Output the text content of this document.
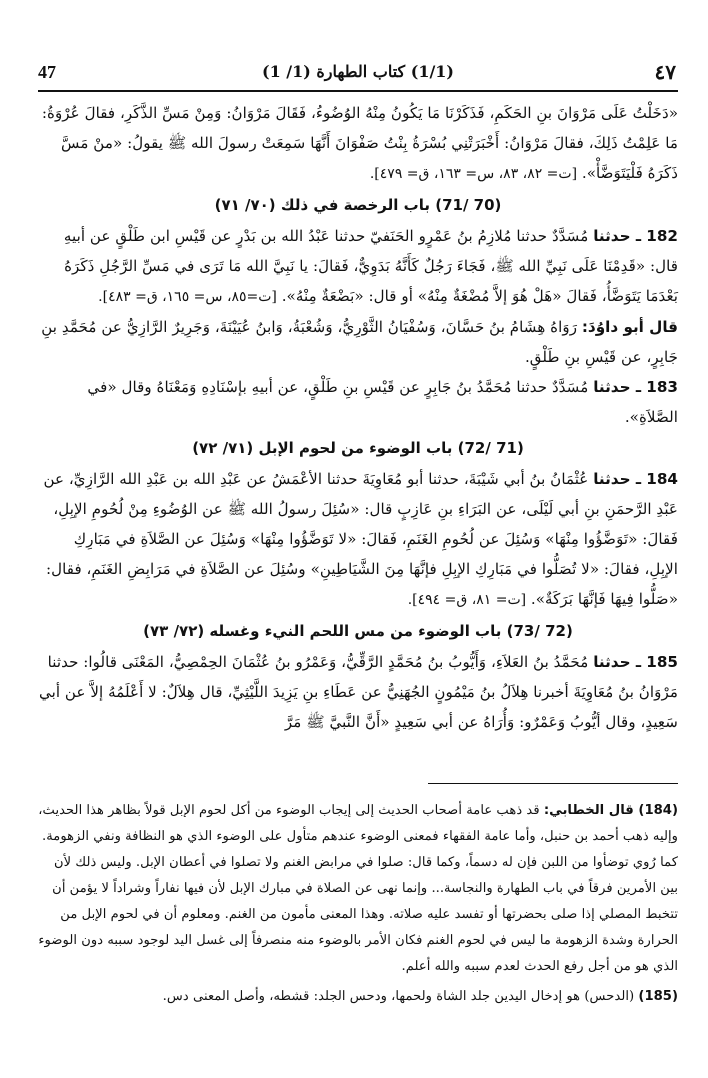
47	(1/1) كتاب الطهارة (1/ 1)	٤٧

«دَخَلْتُ عَلَى مَرْوَانَ بنِ الحَكَمِ، فَذَكَرْنَا مَا يَكُونُ مِنْهُ الوُضُوءُ، فَقَالَ مَرْوَانُ: وَمِنْ مَسِّ الذَّكَرِ، فقالَ عُرْوَةُ: مَا عَلِمْتُ ذَلِكَ، فقالَ مَرْوَانُ: أَخْبَرَتْنِي بُسْرَةُ بِنْتُ صَفْوَانَ أَنَّهَا سَمِعَتْ رسولَ الله ﷺ يقولُ: «منْ مَسَّ ذَكَرَهُ فَلْيَتَوَضَّأْ». [ت= ٨٢، ٨٣، س= ١٦٣، ق= ٤٧٩].

(70 /71) باب الرخصة في ذلك (٧٠/ ٧١)

182 ـ حدثنا مُسَدَّدٌ حدثنا مُلازِمُ بنُ عَمْرٍو الحَنَفيّ حدثنا عَبْدُ الله بن بَدْرٍ عن قَيْسِ ابن طَلْقٍ عن أبيهِ قال: «قَدِمْنَا عَلَى نَبِيِّ الله ﷺ، فَجَاءَ رَجُلٌ كَأَنَّهُ بَدَوِيٌّ، فَقالَ: يا نَبِيَّ الله مَا تَرَى في مَسِّ الرَّجُلِ ذَكَرَهُ بَعْدَمَا يَتَوَضَّأُ، فَقالَ «هَلْ هُوَ إلاَّ مُضْغَةٌ مِنْهُ» أو قال: «بَضْعَةٌ مِنْهُ». [ت=٨٥، س= ١٦٥، ق= ٤٨٣].

قال أبو داوُدَ: رَوَاهُ هِشَامُ بنُ حَسَّانَ، وَسُفْيَانُ الثَّوْرِيُّ، وَشُعْبَةُ، وَابنُ عُيَيْنَةَ، وَجَرِيرٌ الرَّازِيُّ عن مُحَمَّدِ بنِ جَابِرٍ، عن قَيْسِ بنِ طَلْقٍ.

183 ـ حدثنا مُسَدَّدٌ حدثنا مُحَمَّدُ بنُ جَابِرٍ عن قَيْسِ بنِ طَلْقٍ، عن أبيهِ بإسْنَادِهِ وَمَعْنَاهُ وقال «في الصَّلاَةِ».

(71 /72) باب الوضوء من لحوم الإبل (٧١/ ٧٢)

184 ـ حدثنا عُثْمَانُ بنُ أبي شَيْبَةَ، حدثنا أبو مُعَاوِيَةَ حدثنا الأعْمَشُ عن عَبْدِ الله بن عَبْدِ الله الرَّازِيِّ، عن عَبْدِ الرَّحمَنِ بنِ أبي لَيْلَى، عن البَرَاءِ بنِ عَازِبٍ قال: «سُئِلَ رسولُ الله ﷺ عن الوُضُوءِ مِنْ لُحُومِ الإبِلِ، فَقالَ: «تَوَضَّؤُوا مِنْهَا» وَسُئِلَ عن لُحُومِ الغَنَمِ، فَقالَ: «لا تَوَضَّؤُوا مِنْهَا» وَسُئِلَ عن الصَّلاَةِ في مَبَارِكِ الإبِلِ، فقالَ: «لا تُصَلُّوا في مَبَارِكِ الإبِلِ فإنَّهَا مِنَ الشَّيَاطِينِ» وسُئِلَ عن الصَّلاَةِ في مَرَابِضِ الغَنَمِ، فقال: «صَلُّوا فِيهَا فَإنَّهَا بَرَكَةٌ». [ت= ٨١، ق= ٤٩٤].

(72 /73) باب الوضوء من مس اللحم النيء وغسله (٧٢/ ٧٣)

185 ـ حدثنا مُحَمَّدُ بنُ العَلاَءِ، وَأَيُّوبُ بنُ مُحَمَّدٍ الرَّقِّيُّ، وَعَمْرُو بنُ عُثْمَانَ الحِمْصِيُّ، المَعْنَى قالُوا: حدثنا مَرْوَانُ بنُ مُعَاوِيَةَ أخبرنا هِلاَلُ بنُ مَيْمُونٍ الجُهَنِيُّ عن عَطَاءِ بنِ يَزِيدَ اللَّيْثِيِّ، قال هِلاَلٌ: لا أَعْلَمُهُ إلاَّ عن أبي سَعِيدٍ، وقال أيُّوبُ وَعَمْرٌو: وَأُرَاهُ عن أبي سَعِيدٍ «أَنَّ النَّبيَّ ﷺ مَرَّ

(184) قال الخطابي: قد ذهب عامة أصحاب الحديث إلى إيجاب الوضوء من أكل لحوم الإبل قولاً بظاهر هذا الحديث، وإليه ذهب أحمد بن حنبل، وأما عامة الفقهاء فمعنى الوضوء عندهم متأول على الوضوء الذي هو النظافة ونفي الزهومة. كما رُوي توضأوا من اللبن فإن له دسماً، وكما قال: صلوا في مرابض الغنم ولا تصلوا في أعطان الإبل. وليس ذلك لأن بين الأمرين فرقاً في باب الطهارة والنجاسة... وإنما نهى عن الصلاة في مبارك الإبل لأن فيها نفاراً وشراداً لا يؤمن أن تتخبط المصلي إذا صلى بحضرتها أو تفسد عليه صلاته. وهذا المعنى مأمون من الغنم. ومعلوم أن في لحوم الإبل من الحرارة وشدة الزهومة ما ليس في لحوم الغنم فكان الأمر بالوضوء منه منصرفاً إلى غسل اليد لوجود سببه دون الوضوء الذي هو من أجل رفع الحدث لعدم سببه والله أعلم.

(185) (الدحس) هو إدخال اليدين جلد الشاة ولحمها، ودحس الجلد: قشطه، وأصل المعنى دس.
